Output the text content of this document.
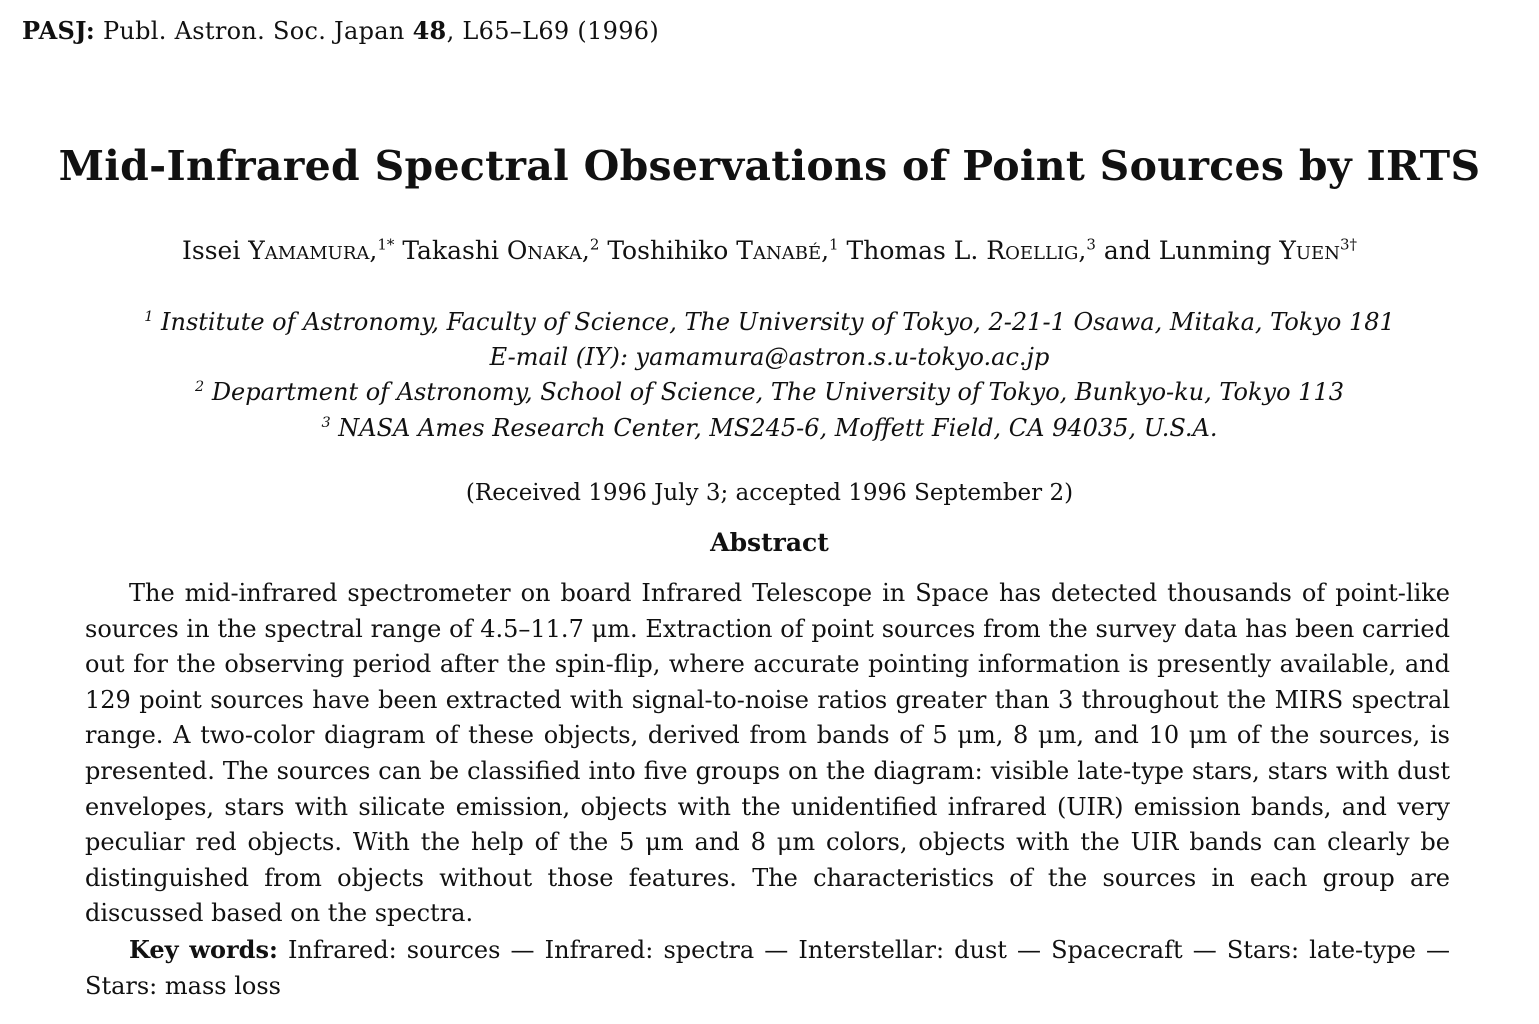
PASJ: Publ. Astron. Soc. Japan 48, L65–L69 (1996)
Mid-Infrared Spectral Observations of Point Sources by IRTS
Issei Yamamura,$^{1*}$ Takashi Onaka,$^2$ Toshihiko Tanabé,$^1$ Thomas L. Roellig,$^3$ and Lunming Yuen$^{3\dagger}$
$^1$ Institute of Astronomy, Faculty of Science, The University of Tokyo, 2-21-1 Osawa, Mitaka, Tokyo 181
E-mail (IY): yamamura@astron.s.u-tokyo.ac.jp
$^2$ Department of Astronomy, School of Science, The University of Tokyo, Bunkyo-ku, Tokyo 113
$^3$ NASA Ames Research Center, MS245-6, Moffett Field, CA 94035, U.S.A.
(Received 1996 July 3; accepted 1996 September 2)
Abstract

The mid-infrared spectrometer on board Infrared Telescope in Space has detected thousands of point-like sources in the spectral range of 4.5–11.7 μm. Extraction of point sources from the survey data has been carried out for the observing period after the spin-flip, where accurate pointing information is presently available, and 129 point sources have been extracted with signal-to-noise ratios greater than 3 throughout the MIRS spectral range. A two-color diagram of these objects, derived from bands of 5 μm, 8 μm, and 10 μm of the sources, is presented. The sources can be classified into five groups on the diagram: visible late-type stars, stars with dust envelopes, stars with silicate emission, objects with the unidentified infrared (UIR) emission bands, and very peculiar red objects. With the help of the 5 μm and 8 μm colors, objects with the UIR bands can clearly be distinguished from objects without those features. The characteristics of the sources in each group are discussed based on the spectra.

Key words: Infrared: sources — Infrared: spectra — Interstellar: dust — Spacecraft — Stars: late-type — Stars: mass loss
